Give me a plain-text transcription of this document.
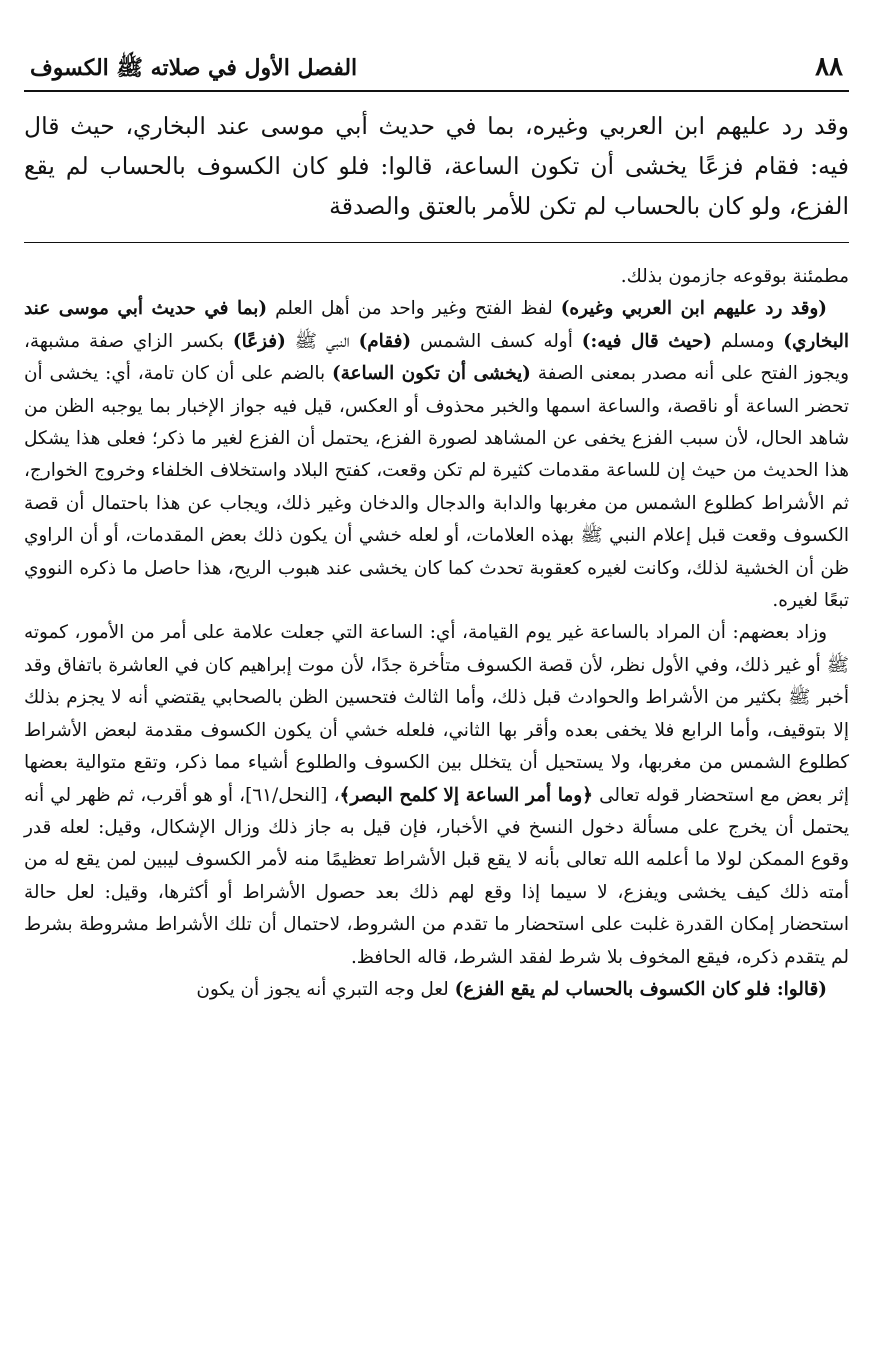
٨٨
الفصل الأول في صلاته ﷺ الكسوف
وقد رد عليهم ابن العربي وغيره، بما في حديث أبي موسى عند البخاري، حيث قال فيه: فقام فزعًا يخشى أن تكون الساعة، قالوا: فلو كان الكسوف بالحساب لم يقع الفزع، ولو كان بالحساب لم تكن للأمر بالعتق والصدقة

مطمئنة بوقوعه جازمون بذلك.

(وقد رد عليهم ابن العربي وغيره) لفظ الفتح وغير واحد من أهل العلم (بما في حديث أبي موسى عند البخاري) ومسلم (حيث قال فيه:) أوله كسف الشمس (فقام) النبي ﷺ (فزعًا) بكسر الزاي صفة مشبهة، ويجوز الفتح على أنه مصدر بمعنى الصفة (يخشى أن تكون الساعة) بالضم على أن كان تامة، أي: يخشى أن تحضر الساعة أو ناقصة، والساعة اسمها والخبر محذوف أو العكس، قيل فيه جواز الإخبار بما يوجبه الظن من شاهد الحال، لأن سبب الفزع يخفى عن المشاهد لصورة الفزع، يحتمل أن الفزع لغير ما ذكر؛ فعلى هذا يشكل هذا الحديث من حيث إن للساعة مقدمات كثيرة لم تكن وقعت، كفتح البلاد واستخلاف الخلفاء وخروج الخوارج، ثم الأشراط كطلوع الشمس من مغربها والدابة والدجال والدخان وغير ذلك، ويجاب عن هذا باحتمال أن قصة الكسوف وقعت قبل إعلام النبي ﷺ بهذه العلامات، أو لعله خشي أن يكون ذلك بعض المقدمات، أو أن الراوي ظن أن الخشية لذلك، وكانت لغيره كعقوبة تحدث كما كان يخشى عند هبوب الريح، هذا حاصل ما ذكره النووي تبعًا لغيره.

وزاد بعضهم: أن المراد بالساعة غير يوم القيامة، أي: الساعة التي جعلت علامة على أمر من الأمور، كموته ﷺ أو غير ذلك، وفي الأول نظر، لأن قصة الكسوف متأخرة جدًا، لأن موت إبراهيم كان في العاشرة باتفاق وقد أخبر ﷺ بكثير من الأشراط والحوادث قبل ذلك، وأما الثالث فتحسين الظن بالصحابي يقتضي أنه لا يجزم بذلك إلا بتوقيف، وأما الرابع فلا يخفى بعده وأقر بها الثاني، فلعله خشي أن يكون الكسوف مقدمة لبعض الأشراط كطلوع الشمس من مغربها، ولا يستحيل أن يتخلل بين الكسوف والطلوع أشياء مما ذكر، وتقع متوالية بعضها إثر بعض مع استحضار قوله تعالى ﴿وما أمر الساعة إلا كلمح البصر﴾، [النحل/٦١]، أو هو أقرب، ثم ظهر لي أنه يحتمل أن يخرج على مسألة دخول النسخ في الأخبار، فإن قيل به جاز ذلك وزال الإشكال، وقيل: لعله قدر وقوع الممكن لولا ما أعلمه الله تعالى بأنه لا يقع قبل الأشراط تعظيمًا منه لأمر الكسوف ليبين لمن يقع له من أمته ذلك كيف يخشى ويفزع، لا سيما إذا وقع لهم ذلك بعد حصول الأشراط أو أكثرها، وقيل: لعل حالة استحضار إمكان القدرة غلبت على استحضار ما تقدم من الشروط، لاحتمال أن تلك الأشراط مشروطة بشرط لم يتقدم ذكره، فيقع المخوف بلا شرط لفقد الشرط، قاله الحافظ.

(قالوا: فلو كان الكسوف بالحساب لم يقع الفزع) لعل وجه التبري أنه يجوز أن يكون
